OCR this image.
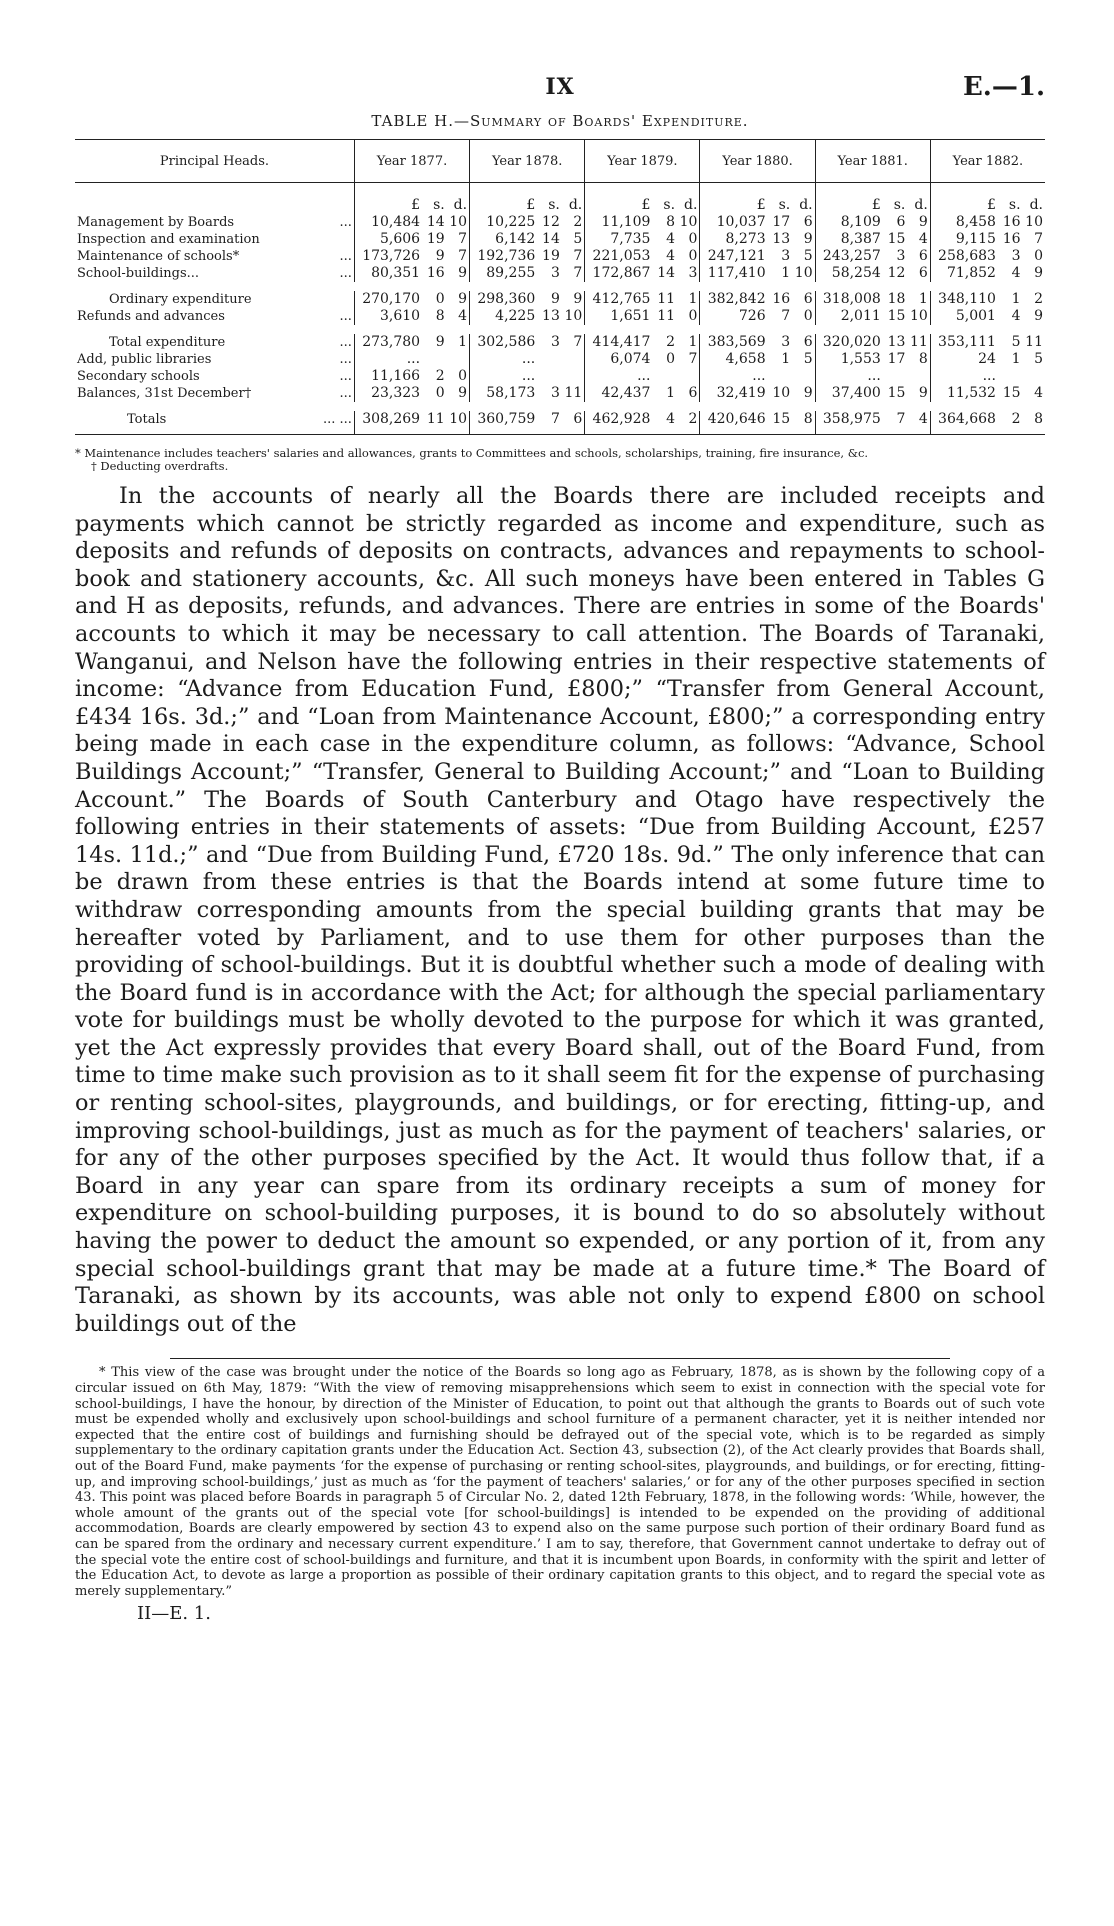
IX	E.—1.
TABLE H.—Summary of Boards' Expenditure.
Principal Heads.	Year 1877.			Year 1878.			Year 1879.			Year 1880.			Year 1881.			Year 1882.		
	£	s.	d.	£	s.	d.	£	s.	d.	£	s.	d.	£	s.	d.	£	s.	d.
Management by Boards ...	10,484	14	10	10,225	12	2	11,109	8	10	10,037	17	6	8,109	6	9	8,458	16	10
Inspection and examination	5,606	19	7	6,142	14	5	7,735	4	0	8,273	13	9	8,387	15	4	9,115	16	7
Maintenance of schools* ...	173,726	9	7	192,736	19	7	221,053	4	0	247,121	3	5	243,257	3	6	258,683	3	0
School-buildings... ...	80,351	16	9	89,255	3	7	172,867	14	3	117,410	1	10	58,254	12	6	71,852	4	9

Ordinary expenditure	270,170	0	9	298,360	9	9	412,765	11	1	382,842	16	6	318,008	18	1	348,110	1	2
Refunds and advances ...	3,610	8	4	4,225	13	10	1,651	11	0	726	7	0	2,011	15	10	5,001	4	9

Total expenditure ...	273,780	9	1	302,586	3	7	414,417	2	1	383,569	3	6	320,020	13	11	353,111	5	11
Add, public libraries ...	...			...			6,074	0	7	4,658	1	5	1,553	17	8	24	1	5
Secondary schools ...	11,166	2	0	...			...			...			...			...		
Balances, 31st December† ...	23,323	0	9	58,173	3	11	42,437	1	6	32,419	10	9	37,400	15	9	11,532	15	4

Totals ... ...	308,269	11	10	360,759	7	6	462,928	4	2	420,646	15	8	358,975	7	4	364,668	2	8
* Maintenance includes teachers' salaries and allowances, grants to Committees and schools, scholarships, training, fire insurance, &c.
† Deducting overdrafts.

In the accounts of nearly all the Boards there are included receipts and payments which cannot be strictly regarded as income and expenditure, such as deposits and refunds of deposits on contracts, advances and repayments to school-book and stationery accounts, &c. All such moneys have been entered in Tables G and H as deposits, refunds, and advances. There are entries in some of the Boards' accounts to which it may be necessary to call attention. The Boards of Taranaki, Wanganui, and Nelson have the following entries in their respective statements of income: “Advance from Education Fund, £800;” “Transfer from General Account, £434 16s. 3d.;” and “Loan from Maintenance Account, £800;” a corresponding entry being made in each case in the expenditure column, as follows: “Advance, School Buildings Account;” “Transfer, General to Building Account;” and “Loan to Building Account.” The Boards of South Canterbury and Otago have respectively the following entries in their statements of assets: “Due from Building Account, £257 14s. 11d.;” and “Due from Building Fund, £720 18s. 9d.” The only inference that can be drawn from these entries is that the Boards intend at some future time to withdraw corresponding amounts from the special building grants that may be hereafter voted by Parliament, and to use them for other purposes than the providing of school-buildings. But it is doubtful whether such a mode of dealing with the Board fund is in accordance with the Act; for although the special parliamentary vote for buildings must be wholly devoted to the purpose for which it was granted, yet the Act expressly provides that every Board shall, out of the Board Fund, from time to time make such provision as to it shall seem fit for the expense of purchasing or renting school-sites, playgrounds, and buildings, or for erecting, fitting-up, and improving school-buildings, just as much as for the payment of teachers' salaries, or for any of the other purposes specified by the Act. It would thus follow that, if a Board in any year can spare from its ordinary receipts a sum of money for expenditure on school-building purposes, it is bound to do so absolutely without having the power to deduct the amount so expended, or any portion of it, from any special school-buildings grant that may be made at a future time.* The Board of Taranaki, as shown by its accounts, was able not only to expend £800 on school buildings out of the

* This view of the case was brought under the notice of the Boards so long ago as February, 1878, as is shown by the following copy of a circular issued on 6th May, 1879: “With the view of removing misapprehensions which seem to exist in connection with the special vote for school-buildings, I have the honour, by direction of the Minister of Education, to point out that although the grants to Boards out of such vote must be expended wholly and exclusively upon school-buildings and school furniture of a permanent character, yet it is neither intended nor expected that the entire cost of buildings and furnishing should be defrayed out of the special vote, which is to be regarded as simply supplementary to the ordinary capitation grants under the Education Act. Section 43, subsection (2), of the Act clearly provides that Boards shall, out of the Board Fund, make payments ‘for the expense of purchasing or renting school-sites, playgrounds, and buildings, or for erecting, fitting-up, and improving school-buildings,’ just as much as ‘for the payment of teachers' salaries,’ or for any of the other purposes specified in section 43. This point was placed before Boards in paragraph 5 of Circular No. 2, dated 12th February, 1878, in the following words: ‘While, however, the whole amount of the grants out of the special vote [for school-buildings] is intended to be expended on the providing of additional accommodation, Boards are clearly empowered by section 43 to expend also on the same purpose such portion of their ordinary Board fund as can be spared from the ordinary and necessary current expenditure.’ I am to say, therefore, that Government cannot undertake to defray out of the special vote the entire cost of school-buildings and furniture, and that it is incumbent upon Boards, in conformity with the spirit and letter of the Education Act, to devote as large a proportion as possible of their ordinary capitation grants to this object, and to regard the special vote as merely supplementary.”
II—E. 1.
